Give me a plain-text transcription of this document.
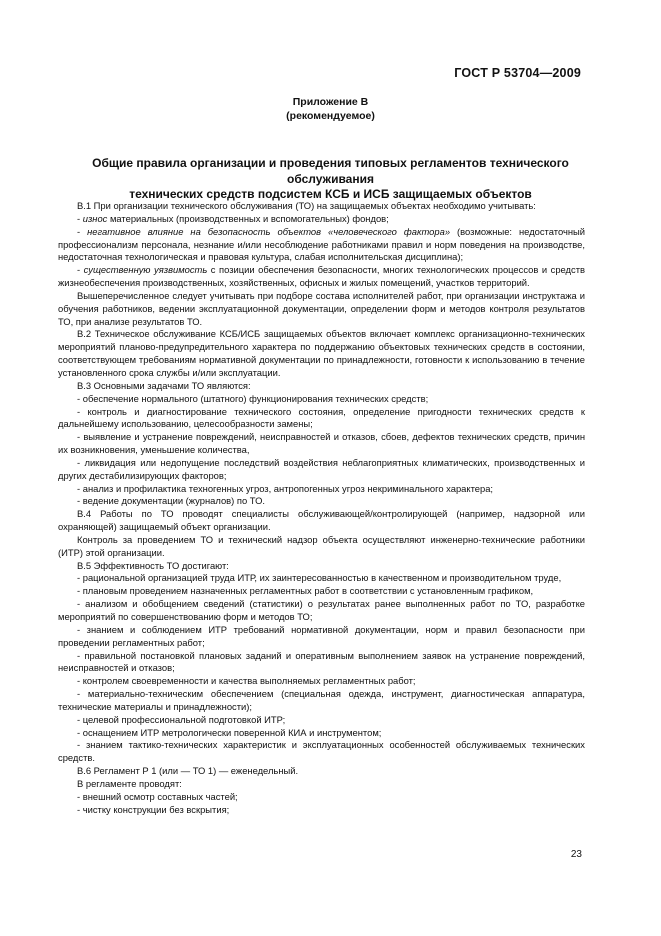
ГОСТ Р 53704—2009
Приложение В
(рекомендуемое)
Общие правила организации и проведения типовых регламентов технического обслуживания
технических средств подсистем КСБ и ИСБ защищаемых объектов

В.1 При организации технического обслуживания (ТО) на защищаемых объектах необходимо учитывать:

- износ материальных (производственных и вспомогательных) фондов;

- негативное влияние на безопасность объектов «человеческого фактора» (возможные: недостаточный профессионализм персонала, незнание и/или несоблюдение работниками правил и норм поведения на производстве, недостаточная технологическая и правовая культура, слабая исполнительская дисциплина);

- существенную уязвимость с позиции обеспечения безопасности, многих технологических процессов и средств жизнеобеспечения производственных, хозяйственных, офисных и жилых помещений, участков территорий.

Вышеперечисленное следует учитывать при подборе состава исполнителей работ, при организации инструктажа и обучения работников, ведении эксплуатационной документации, определении форм и методов контроля результатов ТО, при анализе результатов ТО.

В.2 Техническое обслуживание КСБ/ИСБ защищаемых объектов включает комплекс организационно-технических мероприятий планово-предупредительного характера по поддержанию объектовых технических средств в состоянии, соответствующем требованиям нормативной документации по принадлежности, готовности к использованию в течение установленного срока службы и/или эксплуатации.

В.3 Основными задачами ТО являются:

- обеспечение нормального (штатного) функционирования технических средств;

- контроль и диагностирование технического состояния, определение пригодности технических средств к дальнейшему использованию, целесообразности замены;

- выявление и устранение повреждений, неисправностей и отказов, сбоев, дефектов технических средств, причин их возникновения, уменьшение количества,

- ликвидация или недопущение последствий воздействия неблагоприятных климатических, производственных и других дестабилизирующих факторов;

- анализ и профилактика техногенных угроз, антропогенных угроз некриминального характера;

- ведение документации (журналов) по ТО.

В.4 Работы по ТО проводят специалисты обслуживающей/контролирующей (например, надзорной или охраняющей) защищаемый объект организации.

Контроль за проведением ТО и технический надзор объекта осуществляют инженерно-технические работники (ИТР) этой организации.

В.5 Эффективность ТО достигают:

- рациональной организацией труда ИТР, их заинтересованностью в качественном и производительном труде,

- плановым проведением назначенных регламентных работ в соответствии с установленным графиком,

- анализом и обобщением сведений (статистики) о результатах ранее выполненных работ по ТО, разработке мероприятий по совершенствованию форм и методов ТО;

- знанием и соблюдением ИТР требований нормативной документации, норм и правил безопасности при проведении регламентных работ;

- правильной постановкой плановых заданий и оперативным выполнением заявок на устранение повреждений, неисправностей и отказов;

- контролем своевременности и качества выполняемых регламентных работ;

- материально-техническим обеспечением (специальная одежда, инструмент, диагностическая аппаратура, технические материалы и принадлежности);

- целевой профессиональной подготовкой ИТР;

- оснащением ИТР метрологически поверенной КИА и инструментом;

- знанием тактико-технических характеристик и эксплуатационных особенностей обслуживаемых технических средств.

В.6 Регламент Р 1 (или — ТО 1) — еженедельный.

В регламенте проводят:

- внешний осмотр составных частей;

- чистку конструкции без вскрытия;

23
